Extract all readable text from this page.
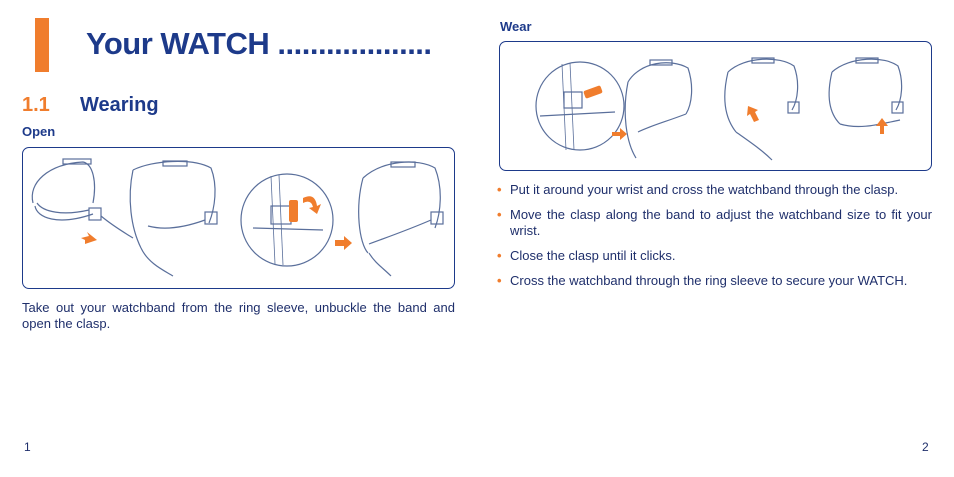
Your WATCH ...................
1.1 Wearing
Open
Take out your watchband from the ring sleeve, unbuckle the band and open the clasp.
Wear
• Put it around your wrist and cross the watchband through the clasp.
• Move the clasp along the band to adjust the watchband size to fit your wrist.
• Close the clasp until it clicks.
• Cross the watchband through the ring sleeve to secure your WATCH.
1	2
